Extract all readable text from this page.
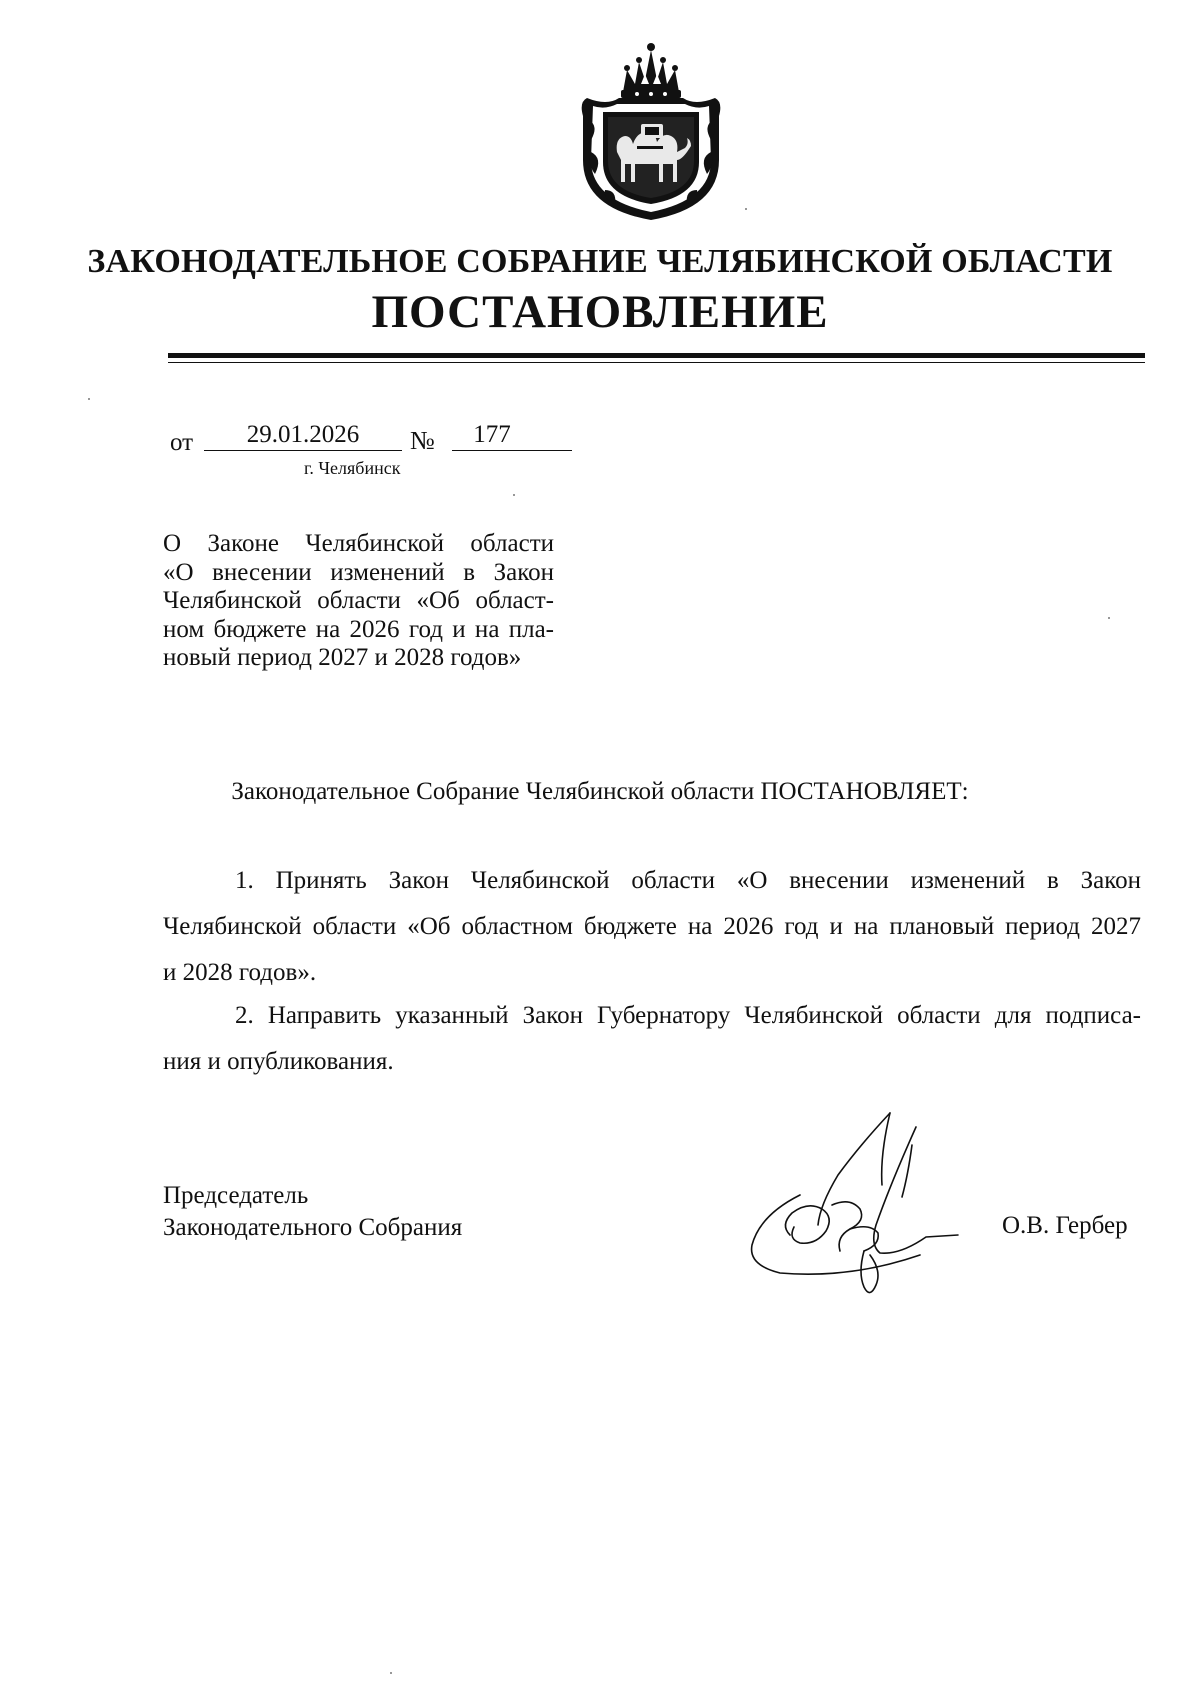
ЗАКОНОДАТЕЛЬНОЕ СОБРАНИЕ ЧЕЛЯБИНСКОЙ ОБЛАСТИ
ПОСТАНОВЛЕНИЕ
от	29.01.2026	№	177
г. Челябинск
О Законе Челябинской области
«О внесении изменений в Закон
Челябинской области «Об област-
ном бюджете на 2026 год и на пла-
новый период 2027 и 2028 годов»
Законодательное Собрание Челябинской области ПОСТАНОВЛЯЕТ:
1. Принять Закон Челябинской области «О внесении изменений в Закон
Челябинской области «Об областном бюджете на 2026 год и на плановый период 2027
и 2028 годов».
2. Направить указанный Закон Губернатору Челябинской области для подписа-
ния и опубликования.
Председатель
Законодательного Собрания	О.В. Гербер
